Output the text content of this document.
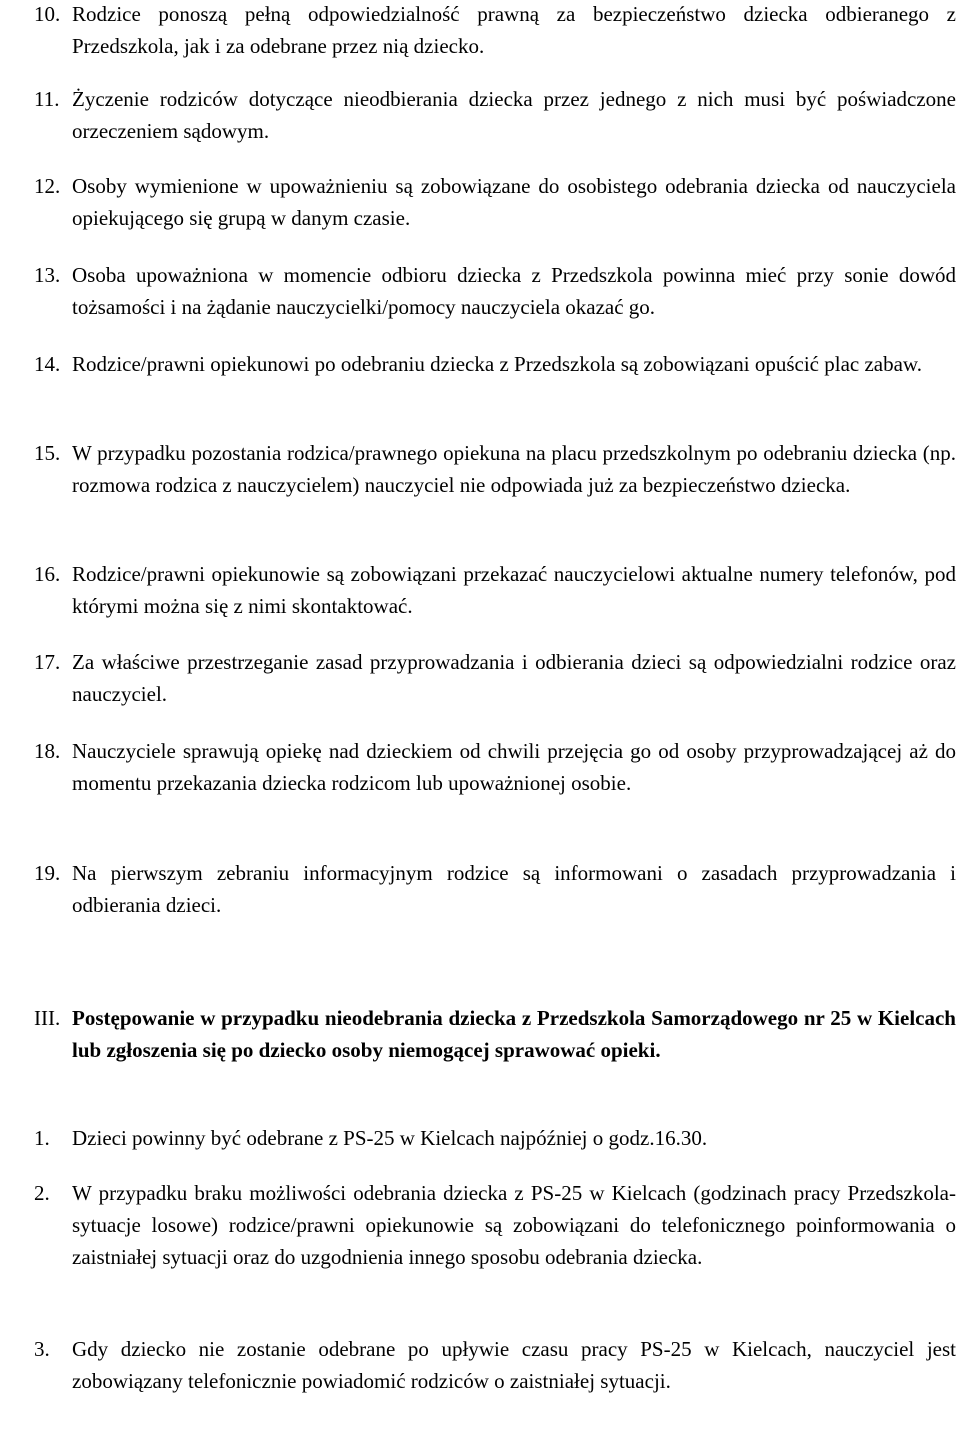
10. Rodzice ponoszą pełną odpowiedzialność prawną za bezpieczeństwo dziecka odbieranego z Przedszkola, jak i za odebrane przez nią dziecko.
11. Życzenie rodziców dotyczące nieodbierania dziecka przez jednego z nich musi być poświadczone orzeczeniem sądowym.
12. Osoby wymienione w upoważnieniu są zobowiązane do osobistego odebrania dziecka od nauczyciela opiekującego się grupą w danym czasie.
13. Osoba upoważniona w momencie odbioru dziecka z Przedszkola powinna mieć przy sonie dowód tożsamości i na żądanie nauczycielki/pomocy nauczyciela okazać go.
14. Rodzice/prawni opiekunowi po odebraniu dziecka z Przedszkola są zobowiązani opuścić plac zabaw.
15. W przypadku pozostania rodzica/prawnego opiekuna na placu przedszkolnym po odebraniu dziecka (np. rozmowa rodzica z nauczycielem) nauczyciel nie odpowiada już za bezpieczeństwo dziecka.
16. Rodzice/prawni opiekunowie są zobowiązani przekazać nauczycielowi aktualne numery telefonów, pod którymi można się z nimi skontaktować.
17. Za właściwe przestrzeganie zasad przyprowadzania i odbierania dzieci są odpowiedzialni rodzice oraz nauczyciel.
18. Nauczyciele sprawują opiekę nad dzieckiem od chwili przejęcia go od osoby przyprowadzającej aż do momentu przekazania dziecka rodzicom lub upoważnionej osobie.
19. Na pierwszym zebraniu informacyjnym rodzice są informowani o zasadach przyprowadzania i odbierania dzieci.
III. Postępowanie w przypadku nieodebrania dziecka z Przedszkola Samorządowego nr 25 w Kielcach lub zgłoszenia się po dziecko osoby niemogącej sprawować opieki.
1. Dzieci powinny być odebrane z PS-25 w Kielcach najpóźniej o godz.16.30.
2. W przypadku braku możliwości odebrania dziecka z PS-25 w Kielcach (godzinach pracy Przedszkola- sytuacje losowe) rodzice/prawni opiekunowie są zobowiązani do telefonicznego poinformowania o zaistniałej sytuacji oraz do uzgodnienia innego sposobu odebrania dziecka.
3. Gdy dziecko nie zostanie odebrane po upływie czasu pracy PS-25 w Kielcach, nauczyciel jest zobowiązany telefonicznie powiadomić rodziców o zaistniałej sytuacji.
